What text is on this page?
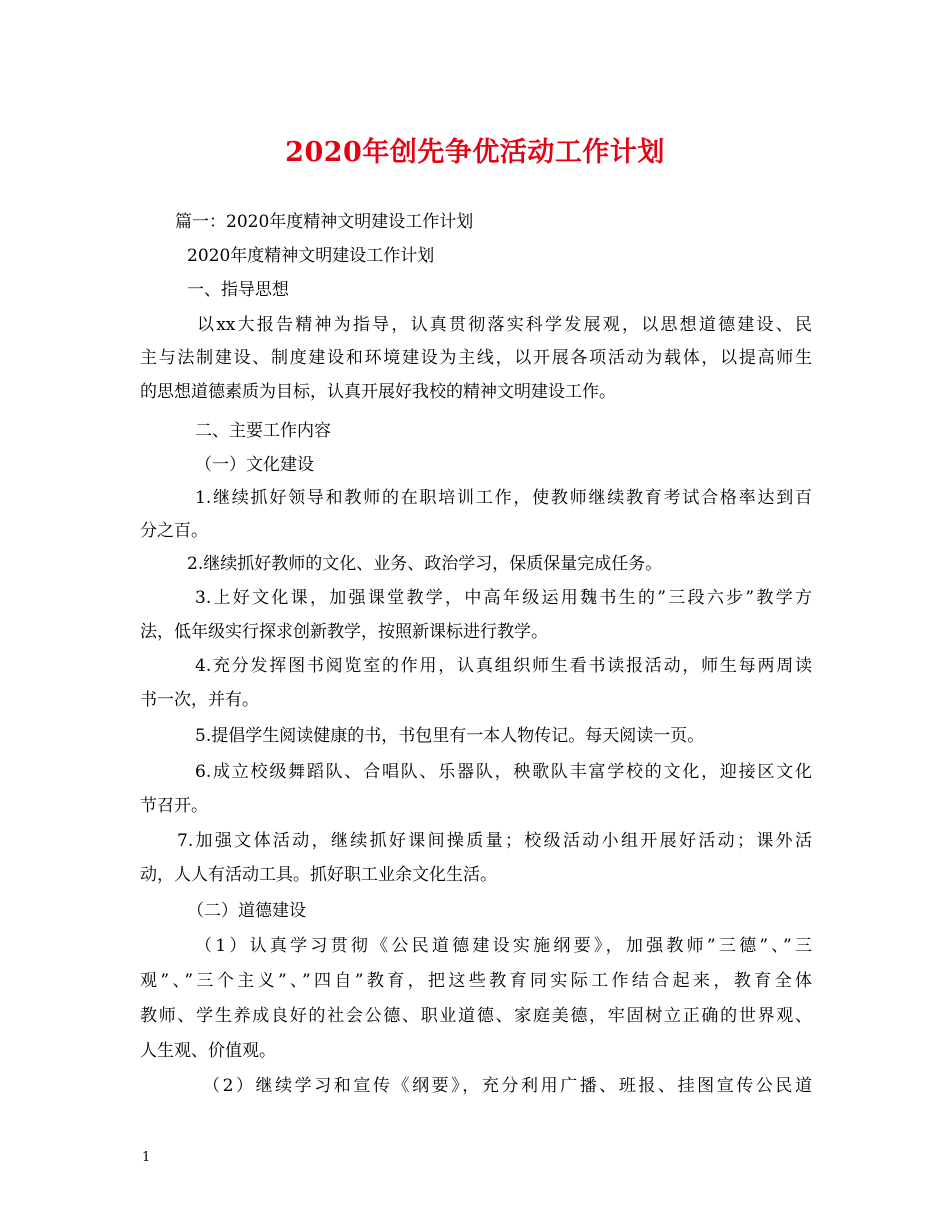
2020年创先争优活动工作计划
篇一：2020年度精神文明建设工作计划
2020年度精神文明建设工作计划
一、指导思想
以xx大报告精神为指导，认真贯彻落实科学发展观，以思想道德建设、民
主与法制建设、制度建设和环境建设为主线，以开展各项活动为载体，以提高师生
的思想道德素质为目标，认真开展好我校的精神文明建设工作。
二、主要工作内容
（一）文化建设
1.继续抓好领导和教师的在职培训工作，使教师继续教育考试合格率达到百
分之百。
2.继续抓好教师的文化、业务、政治学习，保质保量完成任务。
3.上好文化课，加强课堂教学，中高年级运用魏书生的”三段六步”教学方
法，低年级实行探求创新教学，按照新课标进行教学。
4.充分发挥图书阅览室的作用，认真组织师生看书读报活动，师生每两周读
书一次，并有。
5.提倡学生阅读健康的书，书包里有一本人物传记。每天阅读一页。
6.成立校级舞蹈队、合唱队、乐器队，秧歌队丰富学校的文化，迎接区文化
节召开。
7.加强文体活动，继续抓好课间操质量；校级活动小组开展好活动；课外活
动，人人有活动工具。抓好职工业余文化生活。
（二）道德建设
（1）认真学习贯彻《公民道德建设实施纲要》，加强教师”三德”、”三
观”、”三个主义”、”四自”教育，把这些教育同实际工作结合起来，教育全体
教师、学生养成良好的社会公德、职业道德、家庭美德，牢固树立正确的世界观、
人生观、价值观。
（2）继续学习和宣传《纲要》，充分利用广播、班报、挂图宣传公民道
1
